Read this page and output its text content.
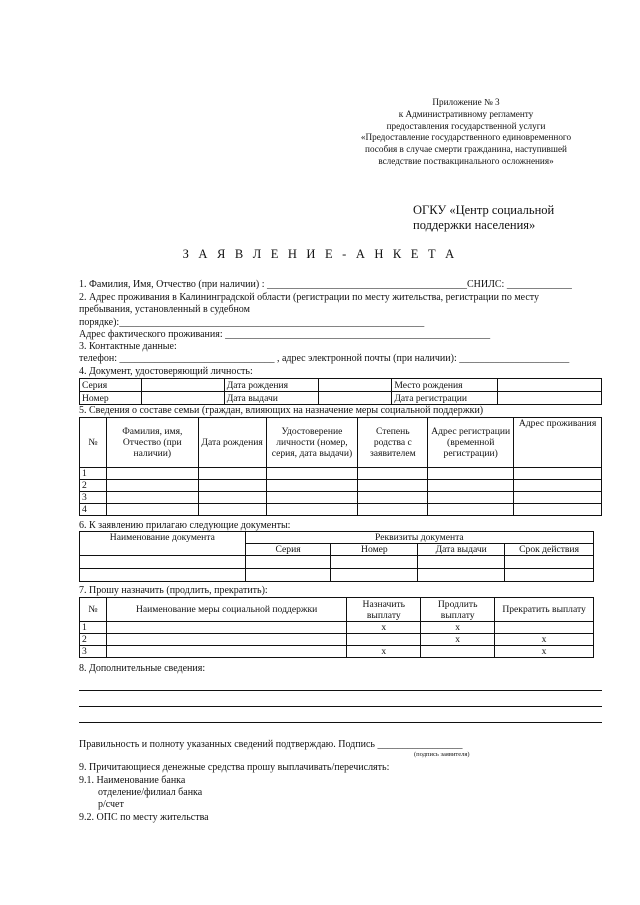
Приложение № 3
к Административному регламенту
предоставления государственной услуги
«Предоставление государственного единовременного
пособия в случае смерти гражданина, наступившей
вследствие поствакцинального осложнения»
ОГКУ «Центр социальной
поддержки населения»
З А Я В Л Е Н И Е - А Н К Е Т А
1. Фамилия, Имя, Отчество (при наличии) : ________________________________________СНИЛС: _____________
2. Адрес проживания в Калининградской области (регистрации по месту жительства, регистрации по месту
пребывания, установленный в судебном
порядке):_____________________________________________________________
Адрес фактического проживания: _____________________________________________________
3. Контактные данные:
телефон: _______________________________ , адрес электронной почты (при наличии): ______________________
4. Документ, удостоверяющий личность:
Серия		Дата рождения		Место рождения	
Номер		Дата выдачи		Дата регистрации	
5. Сведения о составе семьи (граждан, влияющих на назначение меры социальной поддержки)
№	Фамилия, имя, Отчество (при наличии)	Дата рождения	Удостоверение личности (номер, серия, дата выдачи)	Степень родства с заявителем	Адрес регистрации (временной регистрации)	Адрес проживания
1						
2						
3						
4						
6. К заявлению прилагаю следующие документы:
Наименование документа	Реквизиты документа			
	Серия	Номер	Дата выдачи	Срок действия

7. Прошу назначить (продлить, прекратить):
№	Наименование меры социальной поддержки	Назначить выплату	Продлить выплату	Прекратить выплату
1		x	x	
2			x	x
3		x		x
8. Дополнительные сведения:
Правильность и полноту указанных сведений подтверждаю. Подпись _________________
(подпись заявителя)
9. Причитающиеся денежные средства прошу выплачивать/перечислять:
9.1. Наименование банка
отделение/филиал банка
р/счет
9.2. ОПС по месту жительства
